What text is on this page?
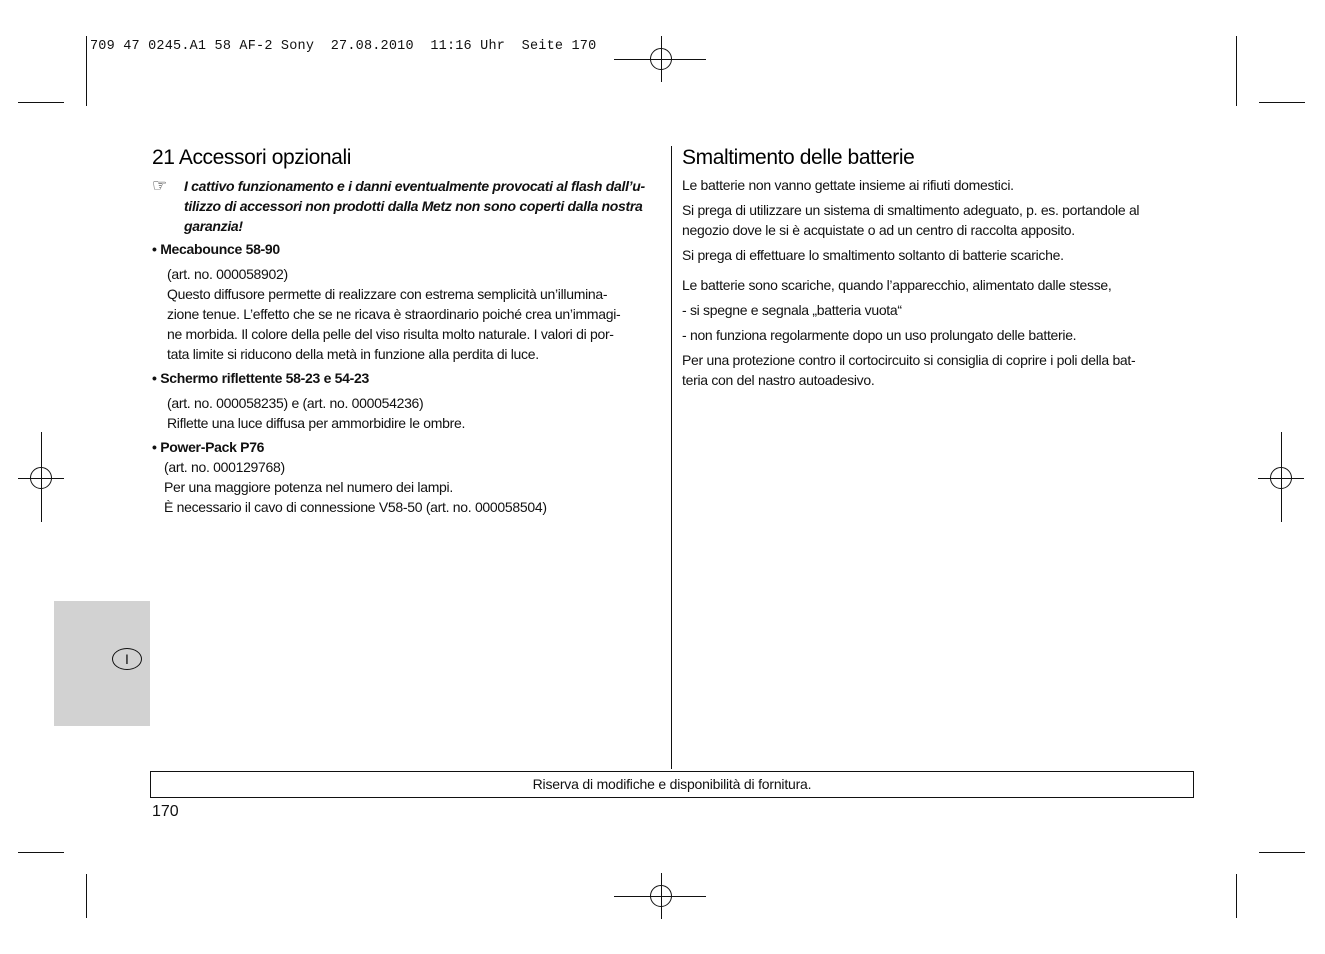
709 47 0245.A1 58 AF-2 Sony  27.08.2010  11:16 Uhr  Seite 170
21 Accessori opzionali
☞ I cattivo funzionamento e i danni eventualmente provocati al flash dall’u-

tilizzo di accessori non prodotti dalla Metz non sono coperti dalla nostra

garanzia!

• Mecabounce 58-90

(art. no. 000058902)

Questo diffusore permette di realizzare con estrema semplicità un’illumina-

zione tenue. L’effetto che se ne ricava è straordinario poiché crea un’immagi-

ne morbida. Il colore della pelle del viso risulta molto naturale. I valori di por-

tata limite si riducono della metà in funzione alla perdita di luce.

• Schermo riflettente 58-23 e 54-23

(art. no. 000058235) e (art. no. 000054236)

Riflette una luce diffusa per ammorbidire le ombre.

• Power-Pack P76

(art. no. 000129768)

Per una maggiore potenza nel numero dei lampi.

È necessario il cavo di connessione V58-50 (art. no. 000058504)

Smaltimento delle batterie

Le batterie non vanno gettate insieme ai rifiuti domestici.

Si prega di utilizzare un sistema di smaltimento adeguato, p. es. portandole al

negozio dove le si è acquistate o ad un centro di raccolta apposito.

Si prega di effettuare lo smaltimento soltanto di batterie scariche.

Le batterie sono scariche, quando l’apparecchio, alimentato dalle stesse,

- si spegne e segnala „batteria vuota“

- non funziona regolarmente dopo un uso prolungato delle batterie.

Per una protezione contro il cortocircuito si consiglia di coprire i poli della bat-

teria con del nastro autoadesivo.

I
Riserva di modifiche e disponibilità di fornitura.
170
